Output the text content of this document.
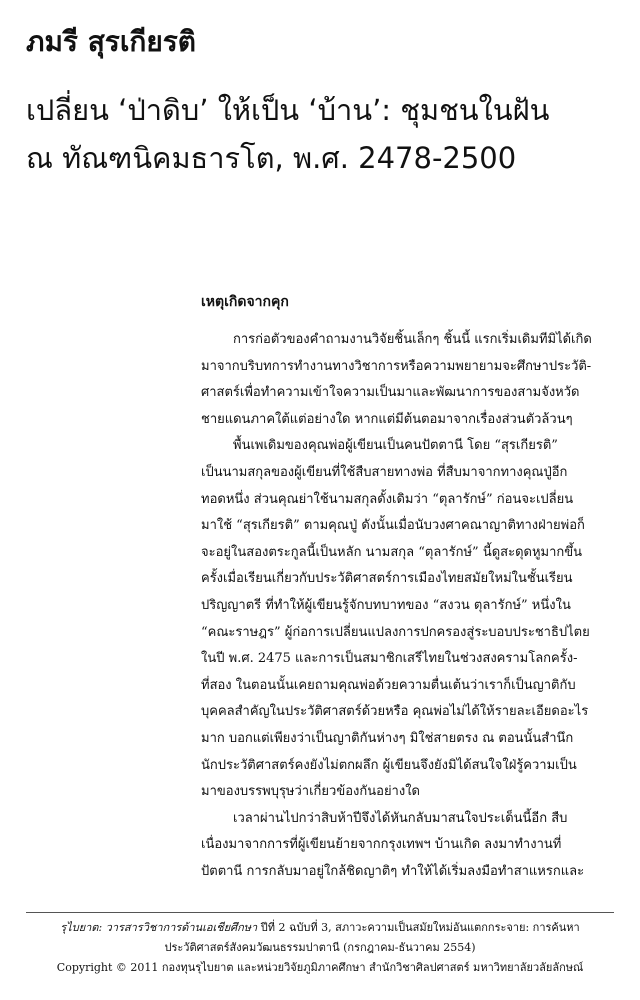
ภมรี สุรเกียรติ
เปลี่ยน ‘ป่าดิบ’ ให้เป็น ‘บ้าน’: ชุมชนในฝัน
ณ ทัณฑนิคมธารโต, พ.ศ. 2478-2500
เหตุเกิดจากคุก
การก่อตัวของคำถามงานวิจัยชิ้นเล็กๆ ชิ้นนี้ แรกเริ่มเดิมทีมิได้เกิด
มาจากบริบทการทำงานทางวิชาการหรือความพยายามจะศึกษาประวัติ-
ศาสตร์เพื่อทำความเข้าใจความเป็นมาและพัฒนาการของสามจังหวัด
ชายแดนภาคใต้แต่อย่างใด หากแต่มีต้นตอมาจากเรื่องส่วนตัวล้วนๆ
พื้นเพเดิมของคุณพ่อผู้เขียนเป็นคนปัตตานี โดย “สุรเกียรติ”
เป็นนามสกุลของผู้เขียนที่ใช้สืบสายทางพ่อ ที่สืบมาจากทางคุณปู่อีก
ทอดหนึ่ง ส่วนคุณย่าใช้นามสกุลดั้งเดิมว่า “ตุลารักษ์” ก่อนจะเปลี่ยน
มาใช้ “สุรเกียรติ” ตามคุณปู่ ดังนั้นเมื่อนับวงศาคณาญาติทางฝ่ายพ่อก็
จะอยู่ในสองตระกูลนี้เป็นหลัก นามสกุล “ตุลารักษ์” นี้ดูสะดุดหูมากขึ้น
ครั้งเมื่อเรียนเกี่ยวกับประวัติศาสตร์การเมืองไทยสมัยใหม่ในชั้นเรียน
ปริญญาตรี ที่ทำให้ผู้เขียนรู้จักบทบาทของ “สงวน ตุลารักษ์” หนึ่งใน
“คณะราษฎร” ผู้ก่อการเปลี่ยนแปลงการปกครองสู่ระบอบประชาธิปไตย
ในปี พ.ศ. 2475 และการเป็นสมาชิกเสรีไทยในช่วงสงครามโลกครั้ง-
ที่สอง ในตอนนั้นเคยถามคุณพ่อด้วยความตื่นเต้นว่าเราก็เป็นญาติกับ
บุคคลสำคัญในประวัติศาสตร์ด้วยหรือ คุณพ่อไม่ได้ให้รายละเอียดอะไร
มาก บอกแต่เพียงว่าเป็นญาติกันห่างๆ มิใช่สายตรง ณ ตอนนั้นสำนึก
นักประวัติศาสตร์คงยังไม่ตกผลึก ผู้เขียนจึงยังมิได้สนใจใฝ่รู้ความเป็น
มาของบรรพบุรุษว่าเกี่ยวข้องกันอย่างใด
เวลาผ่านไปกว่าสิบห้าปีจึงได้หันกลับมาสนใจประเด็นนี้อีก สืบ
เนื่องมาจากการที่ผู้เขียนย้ายจากกรุงเทพฯ บ้านเกิด ลงมาทำงานที่
ปัตตานี การกลับมาอยู่ใกล้ชิดญาติๆ ทำให้ได้เริ่มลงมือทำสาแหรกและ
รุไบยาต: วารสารวิชาการด้านเอเชียศึกษา ปีที่ 2 ฉบับที่ 3, สภาวะความเป็นสมัยใหม่อันแตกกระจาย: การค้นหา
ประวัติศาสตร์สังคมวัฒนธรรมปาตานี (กรกฎาคม-ธันวาคม 2554)
Copyright © 2011 กองทุนรุไบยาต และหน่วยวิจัยภูมิภาคศึกษา สำนักวิชาศิลปศาสตร์ มหาวิทยาลัยวลัยลักษณ์
